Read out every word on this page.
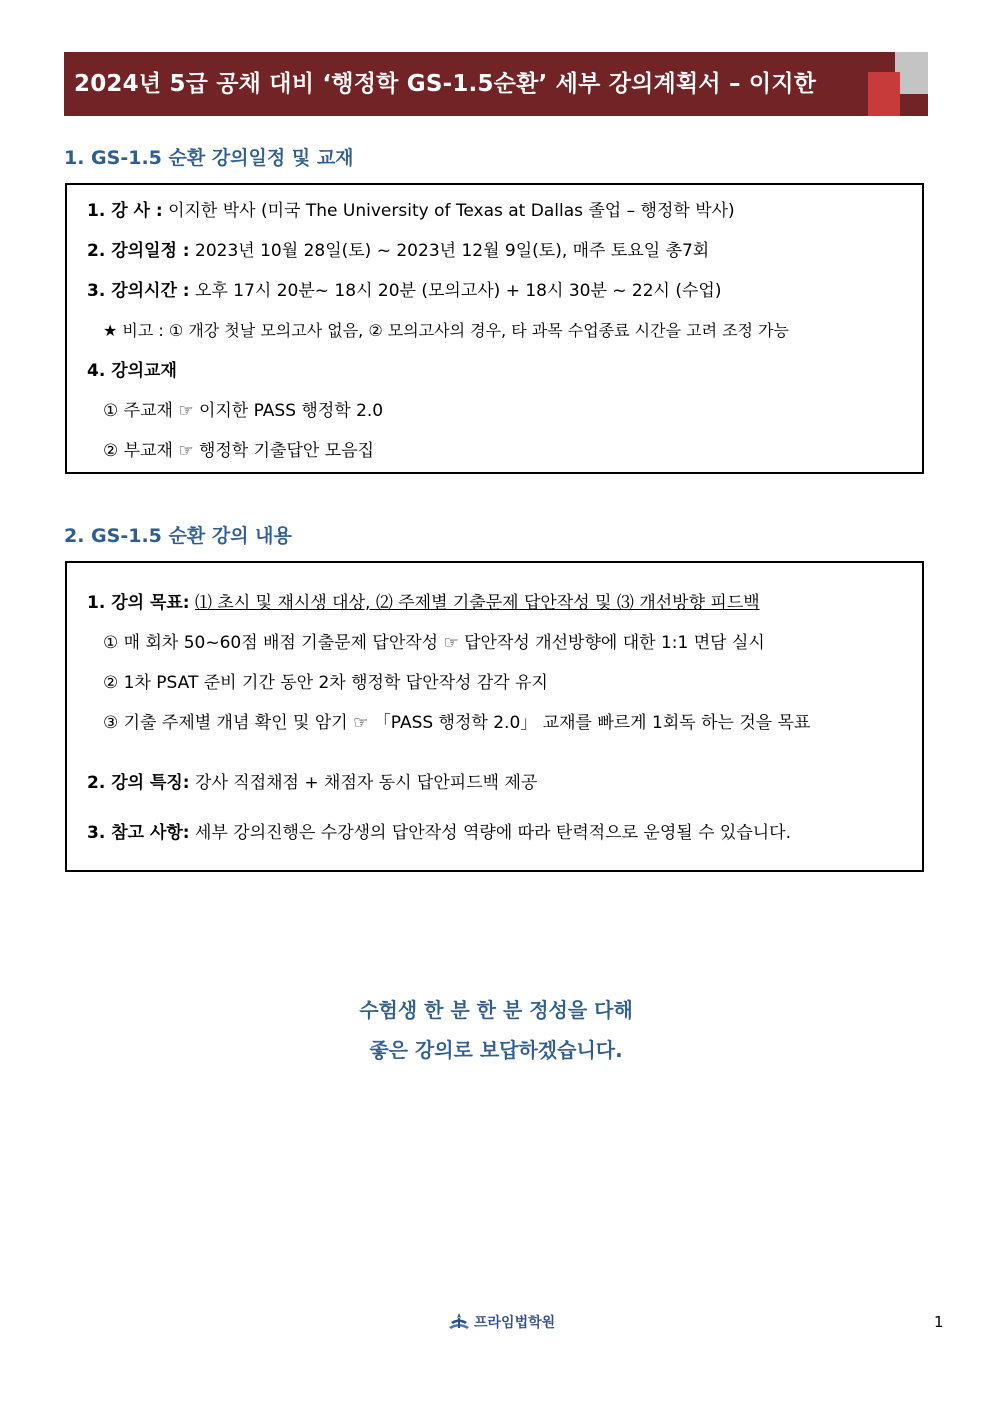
2024년 5급 공채 대비 ‘행정학 GS-1.5순환’ 세부 강의계획서 – 이지한
1. GS-1.5 순환 강의일정 및 교재
1. 강 사 : 이지한 박사 (미국 The University of Texas at Dallas 졸업 – 행정학 박사)
2. 강의일정 : 2023년 10월 28일(토) ~ 2023년 12월 9일(토), 매주 토요일 총7회
3. 강의시간 : 오후 17시 20분~ 18시 20분 (모의고사) + 18시 30분 ~ 22시 (수업)
★ 비고 : ① 개강 첫날 모의고사 없음, ② 모의고사의 경우, 타 과목 수업종료 시간을 고려 조정 가능
4. 강의교재
① 주교재 ☞ 이지한 PASS 행정학 2.0
② 부교재 ☞ 행정학 기출답안 모음집
2. GS-1.5 순환 강의 내용
1. 강의 목표: ⑴ 초시 및 재시생 대상, ⑵ 주제별 기출문제 답안작성 및 ⑶ 개선방향 피드백
① 매 회차 50~60점 배점 기출문제 답안작성 ☞ 답안작성 개선방향에 대한 1:1 면담 실시
② 1차 PSAT 준비 기간 동안 2차 행정학 답안작성 감각 유지
③ 기출 주제별 개념 확인 및 암기 ☞ 「PASS 행정학 2.0」 교재를 빠르게 1회독 하는 것을 목표
2. 강의 특징: 강사 직접채점 + 채점자 동시 답안피드백 제공
3. 참고 사항: 세부 강의진행은 수강생의 답안작성 역량에 따라 탄력적으로 운영될 수 있습니다.
수험생 한 분 한 분 정성을 다해
좋은 강의로 보답하겠습니다.
프라임법학원	1
